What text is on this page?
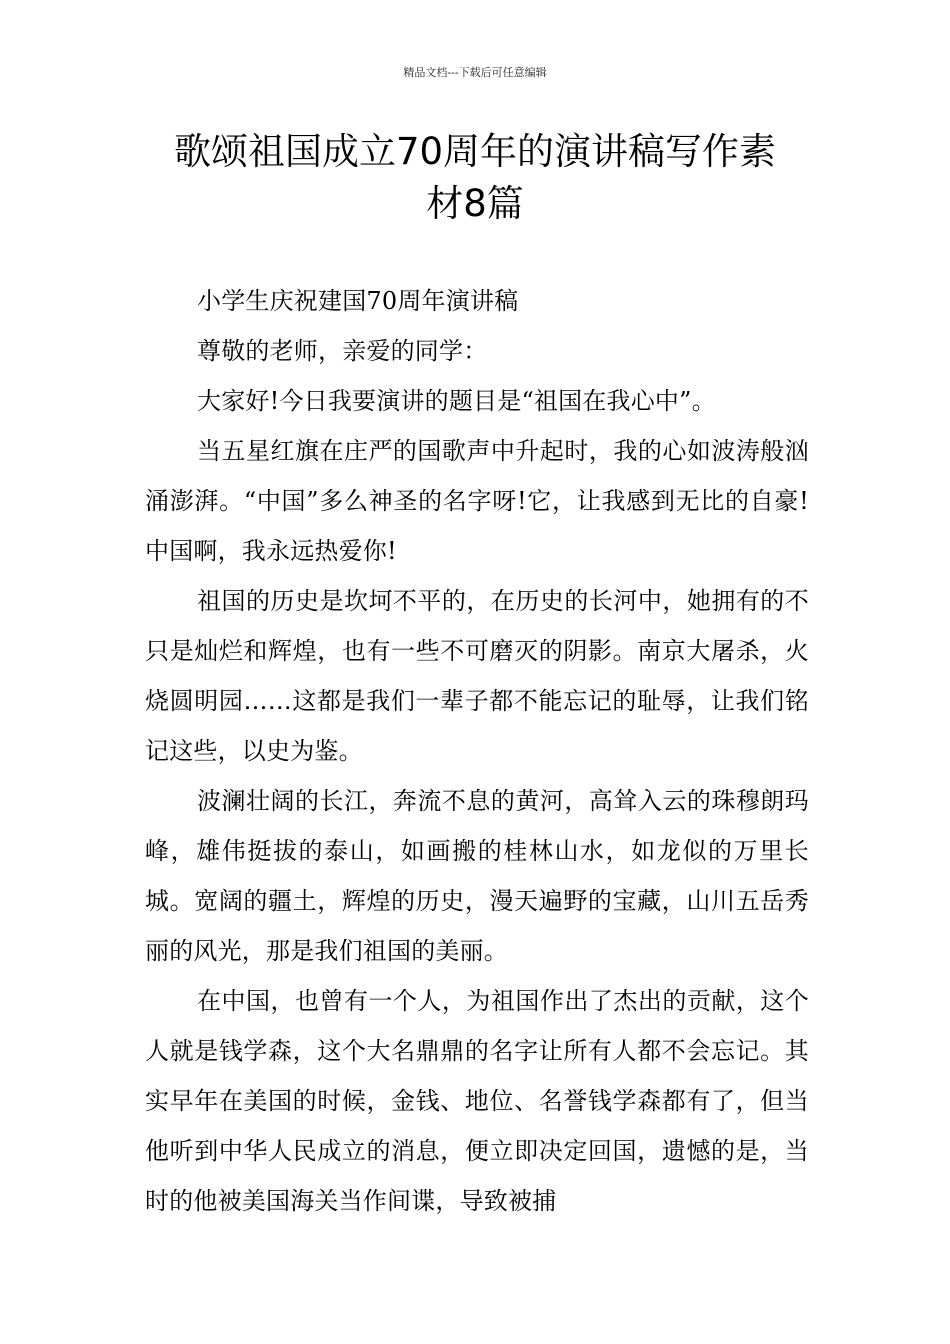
精品文档---下载后可任意编辑
歌颂祖国成立70周年的演讲稿写作素
材8篇

小学生庆祝建国70周年演讲稿

尊敬的老师，亲爱的同学：

大家好!今日我要演讲的题目是“祖国在我心中”。

当五星红旗在庄严的国歌声中升起时，我的心如波涛般汹涌澎湃。“中国”多么神圣的名字呀!它，让我感到无比的自豪!中国啊，我永远热爱你!

祖国的历史是坎坷不平的，在历史的长河中，她拥有的不只是灿烂和辉煌，也有一些不可磨灭的阴影。南京大屠杀，火烧圆明园……这都是我们一辈子都不能忘记的耻辱，让我们铭记这些，以史为鉴。

波澜壮阔的长江，奔流不息的黄河，高耸入云的珠穆朗玛峰，雄伟挺拔的泰山，如画搬的桂林山水，如龙似的万里长城。宽阔的疆土，辉煌的历史，漫天遍野的宝藏，山川五岳秀丽的风光，那是我们祖国的美丽。

在中国，也曾有一个人，为祖国作出了杰出的贡献，这个人就是钱学森，这个大名鼎鼎的名字让所有人都不会忘记。其实早年在美国的时候，金钱、地位、名誉钱学森都有了，但当他听到中华人民成立的消息，便立即决定回国，遗憾的是，当时的他被美国海关当作间谍，导致被捕
